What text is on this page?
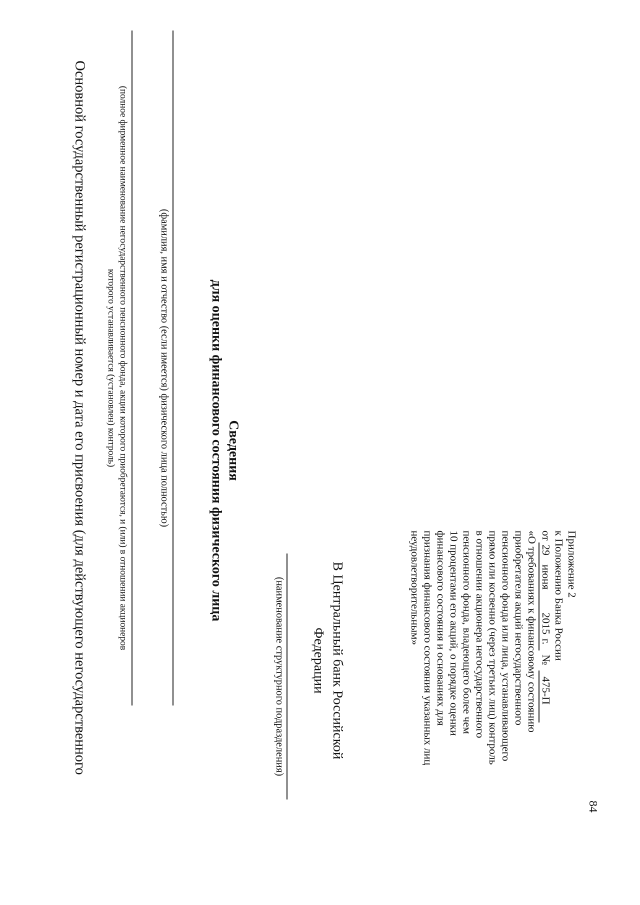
84
Приложение 2
к Положению Банка России
от
29
июня
2015
г.
№
475-П
«О требованиях к финансовому состоянию
приобретателя акций негосударственного
пенсионного фонда или лица, устанавливающего
прямо или косвенно (через третьих лиц) контроль
в отношении акционера негосударственного
пенсионного фонда, владеющего более чем
10 процентами его акций, о порядке оценки
финансового состояния и основаниях для
признания финансового состояния указанных лиц
неудовлетворительным»
В Центральный банк Российской
Федерации
(наименование структурного подразделения)
Сведения
для оценки финансового состояния физического лица
(фамилия, имя и отчество (если имеется) физического лица полностью)
(полное фирменное наименование негосударственного пенсионного фонда, акции которого приобретаются, и (или) в отношении акционеров
которого устанавливается (установлен) контроль)
Основной государственный регистрационный номер и дата его присвоения (для действующего негосударственного
